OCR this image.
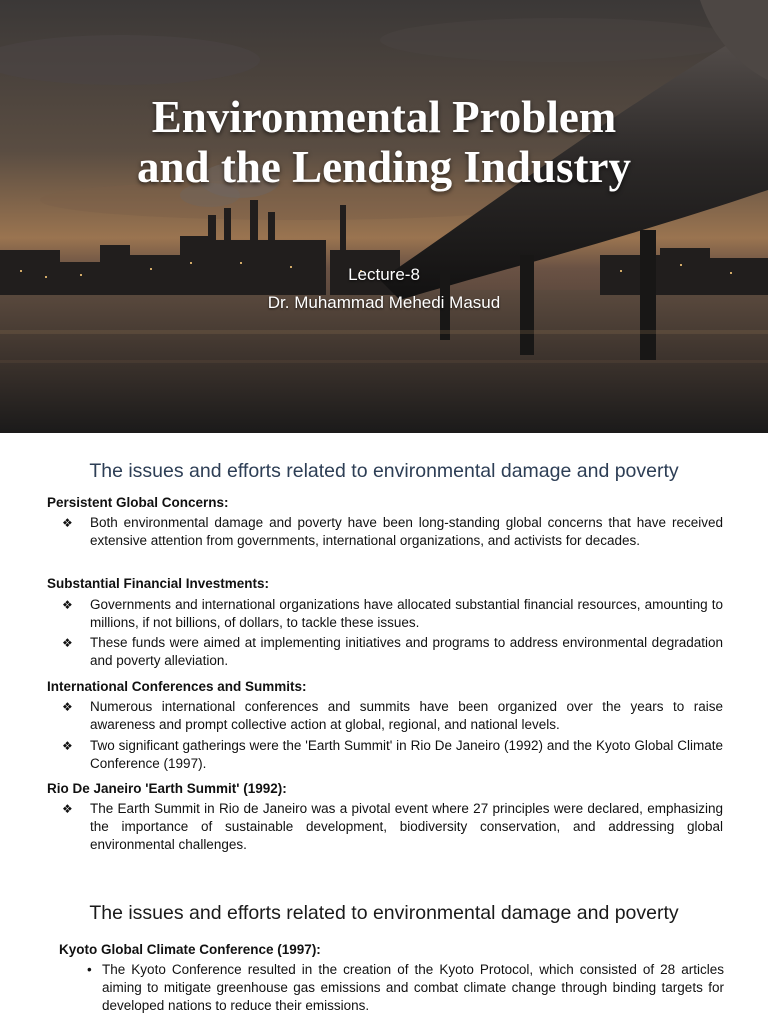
Environmental Problem
and the Lending Industry
Lecture-8
Dr. Muhammad Mehedi Masud
The issues and efforts related to environmental damage and poverty
Persistent Global Concerns:
❖ Both environmental damage and poverty have been long-standing global concerns that have received extensive attention from governments, international organizations, and activists for decades.
Substantial Financial Investments:
❖ Governments and international organizations have allocated substantial financial resources, amounting to millions, if not billions, of dollars, to tackle these issues.
❖ These funds were aimed at implementing initiatives and programs to address environmental degradation and poverty alleviation.
International Conferences and Summits:
❖ Numerous international conferences and summits have been organized over the years to raise awareness and prompt collective action at global, regional, and national levels.
❖ Two significant gatherings were the 'Earth Summit' in Rio De Janeiro (1992) and the Kyoto Global Climate Conference (1997).
Rio De Janeiro 'Earth Summit' (1992):
❖ The Earth Summit in Rio de Janeiro was a pivotal event where 27 principles were declared, emphasizing the importance of sustainable development, biodiversity conservation, and addressing global environmental challenges.
The issues and efforts related to environmental damage and poverty
Kyoto Global Climate Conference (1997):
• The Kyoto Conference resulted in the creation of the Kyoto Protocol, which consisted of 28 articles aiming to mitigate greenhouse gas emissions and combat climate change through binding targets for developed nations to reduce their emissions.
